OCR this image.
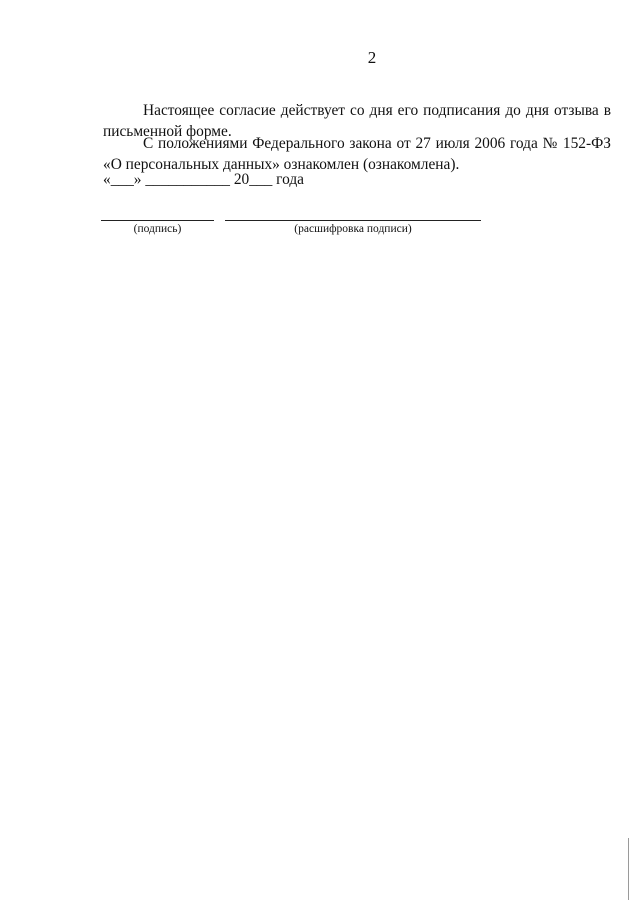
2

Настоящее согласие действует со дня его подписания до дня отзыва в письменной форме.

С положениями Федерального закона от 27 июля 2006 года № 152-ФЗ «О персональных данных» ознакомлен (ознакомлена).

«___» ___________ 20___ года
(подпись)	(расшифровка подписи)
